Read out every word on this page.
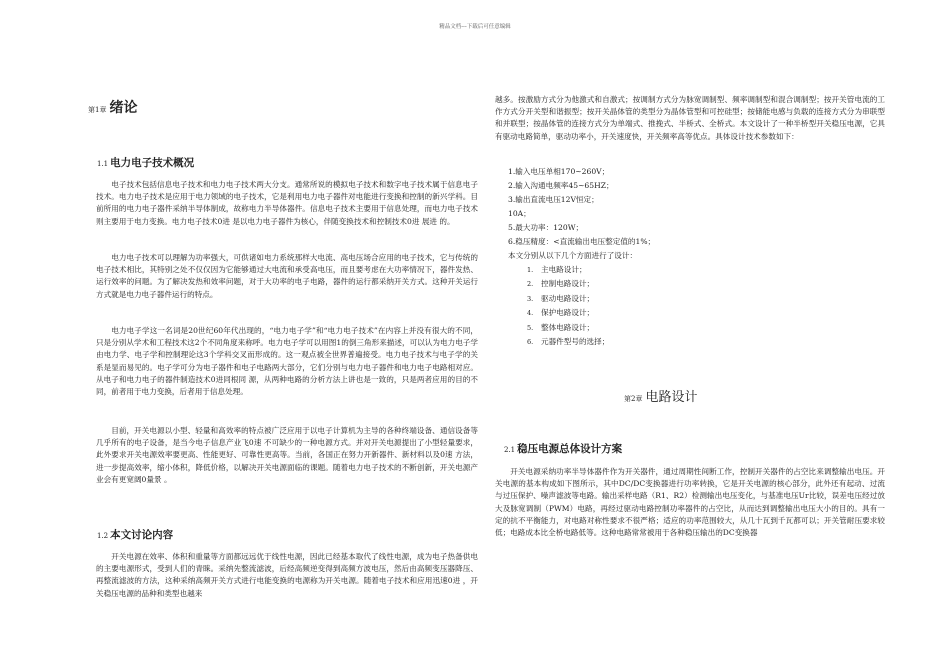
精品文档---下载后可任意编辑
第1章 绪论
1.1 电力电子技术概况

电子技术包括信息电子技术和电力电子技术两大分支。通常所说的模拟电子技术和数字电子技术属于信息电子技术。电力电子技术是应用于电力领域的电子技术，它是利用电力电子器件对电能进行变换和控制的新兴学科。目前所用的电力电子器件采纳半导体制成，故称电力半导体器件。信息电子技术主要用于信息处理，而电力电子技术则主要用于电力变换。电力电子技术0进 是以电力电子器件为核心，伴随变换技术和控制技术0进 展进 的。

电力电子技术可以理解为功率强大，可供诸如电力系统那样大电流、高电压场合应用的电子技术，它与传统的电子技术相比，其特别之处不仅仅因为它能够通过大电流和承受高电压，而且要考虑在大功率情况下，器件发热、运行效率的问题。为了解决发热和效率问题，对于大功率的电子电路，器件的运行都采纳开关方式。这种开关运行方式就是电力电子器件运行的特点。

电力电子学这一名词是20世纪60年代出现的，“电力电子学”和“电力电子技术”在内容上并没有很大的不同，只是分别从学术和工程技术这2个不同角度来称呼。电力电子学可以用图1的倒三角形来描述，可以认为电力电子学由电力学、电子学和控制理论这3个学科交叉而形成的。这一观点被全世界普遍接受。电力电子技术与电子学的关系是显而易见的。电子学可分为电子器件和电子电路两大部分，它们分别与电力电子器件和电力电子电路相对应。从电子和电力电子的器件制造技术0进同根同 源，从两种电路的分析方法上讲也是一致的，只是两者应用的目的不同，前者用于电力变换，后者用于信息处理。

目前，开关电源以小型、轻量和高效率的特点被广泛应用于以电子计算机为主导的各种终端设备、通信设备等几乎所有的电子设备，是当今电子信息产业飞0速 不可缺少的一种电源方式。并对开关电源提出了小型轻量要求，此外要求开关电源效率要更高、性能更好、可靠性更高等。当前，各国正在努力开新器件、新材料以及0速 方法，进一步提高效率，缩小体积，降低价格，以解决开关电源面临的课题。随着电力电子技术的不断创新，开关电源产业会有更宽阔0量景 。

1.2 本文讨论内容

开关电源在效率、体积和重量等方面都远远优于线性电源，因此已经基本取代了线性电源，成为电子热备供电的主要电源形式，受到人们的青睐。采纳先整流滤波，后经高频逆变得到高频方波电压，然后由高频变压器降压、再整流滤波的方法，这种采纳高频开关方式进行电能变换的电源称为开关电源。随着电子技术和应用迅速0进 ，开关稳压电源的品种和类型也越来

越多。按激励方式分为他激式和自激式；按调制方式分为脉宽调制型、频率调制型和混合调制型；按开关管电流的工作方式分开关型和谐振型；按开关晶体管的类型分为晶体管型和可控硅型；按储能电感与负载的连接方式分为串联型和并联型；按晶体管的连接方式分为单端式、推挽式、半桥式、全桥式。本文设计了一种半桥型开关稳压电源，它具有驱动电路简单，驱动功率小，开关速度快，开关频率高等优点。具体设计技术参数如下：

1.输入电压单相170~260V；
2.输入沟通电频率45~65HZ；
3.输出直流电压12V恒定；
10A；
5.最大功率：120W；
6.稳压精度：<直流输出电压整定值的1%；
本文分别从以下几个方面进行了设计：
1. 主电路设计；
2. 控制电路设计；
3. 驱动电路设计；
4. 保护电路设计；
5. 整体电路设计；
6. 元器件型号的选择；
第2章 电路设计
2.1 稳压电源总体设计方案

开关电源采纳功率半导体器件作为开关器件，通过周期性间断工作，控制开关器件的占空比来调整输出电压。开关电源的基本构成如下图所示，其中DC/DC变换器进行功率转换，它是开关电源的核心部分，此外还有起动、过流与过压保护、噪声滤波等电路。输出采样电路（R1、R2）检测输出电压变化，与基准电压Ur比较，误差电压经过放大及脉宽调制（PWM）电路，再经过驱动电路控制功率器件的占空比，从而达到调整输出电压大小的目的。具有一定的抗不平衡能力，对电路对称性要求不很严格；适应的功率范围较大，从几十瓦到千瓦都可以；开关管耐压要求较低；电路成本比全桥电路低等。这种电路常常被用于各种稳压输出的DC变换器
